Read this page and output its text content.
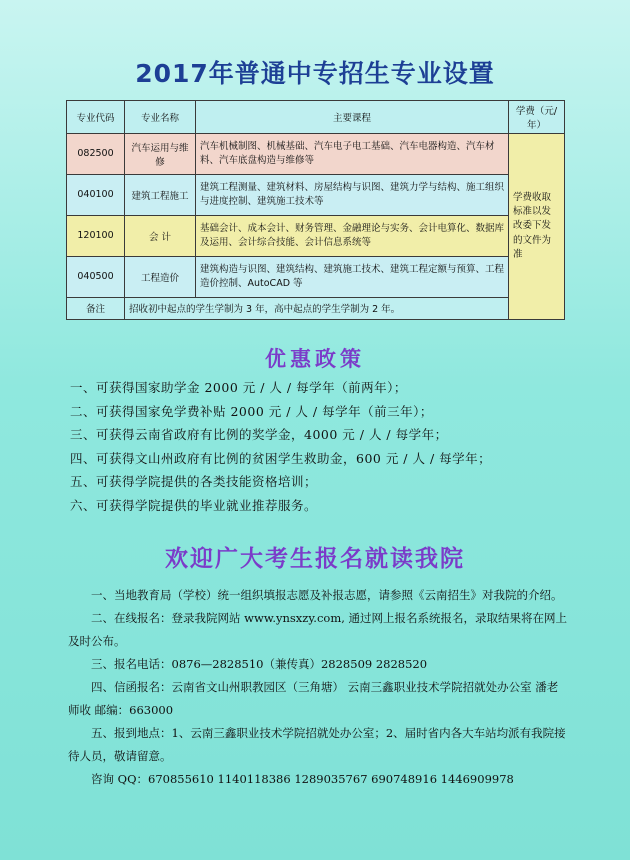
2017年普通中专招生专业设置
专业代码	专业名称	主要课程	学费（元/年）
082500	汽车运用与维修	汽车机械制图、机械基础、汽车电子电工基础、汽车电器构造、汽车材料、汽车底盘构造与维修等	学费收取标准以发改委下发的文件为准
040100	建筑工程施工	建筑工程测量、建筑材料、房屋结构与识图、建筑力学与结构、施工组织与进度控制、建筑施工技术等	
120100	会 计	基础会计、成本会计、财务管理、金融理论与实务、会计电算化、数据库及运用、会计综合技能、会计信息系统等	
040500	工程造价	建筑构造与识图、建筑结构、建筑施工技术、建筑工程定额与预算、工程造价控制、AutoCAD 等	
备注	招收初中起点的学生学制为 3 年，高中起点的学生学制为 2 年。		
优惠政策
一、可获得国家助学金 2000 元 / 人 / 每学年（前两年）；
二、可获得国家免学费补贴 2000 元 / 人 / 每学年（前三年）；
三、可获得云南省政府有比例的奖学金，4000 元 / 人 / 每学年；
四、可获得文山州政府有比例的贫困学生救助金，600 元 / 人 / 每学年；
五、可获得学院提供的各类技能资格培训；
六、可获得学院提供的毕业就业推荐服务。
欢迎广大考生报名就读我院

一、当地教育局（学校）统一组织填报志愿及补报志愿，请参照《云南招生》对我院的介绍。

二、在线报名：登录我院网站 www.ynsxzy.com, 通过网上报名系统报名，录取结果将在网上及时公布。

三、报名电话：0876—2828510（兼传真）2828509 2828520

四、信函报名：云南省文山州职教园区（三角塘） 云南三鑫职业技术学院招就处办公室 潘老师收 邮编：663000

五、报到地点：1、云南三鑫职业技术学院招就处办公室；2、届时省内各大车站均派有我院接待人员，敬请留意。

咨询 QQ：670855610 1140118386 1289035767 690748916 1446909978
